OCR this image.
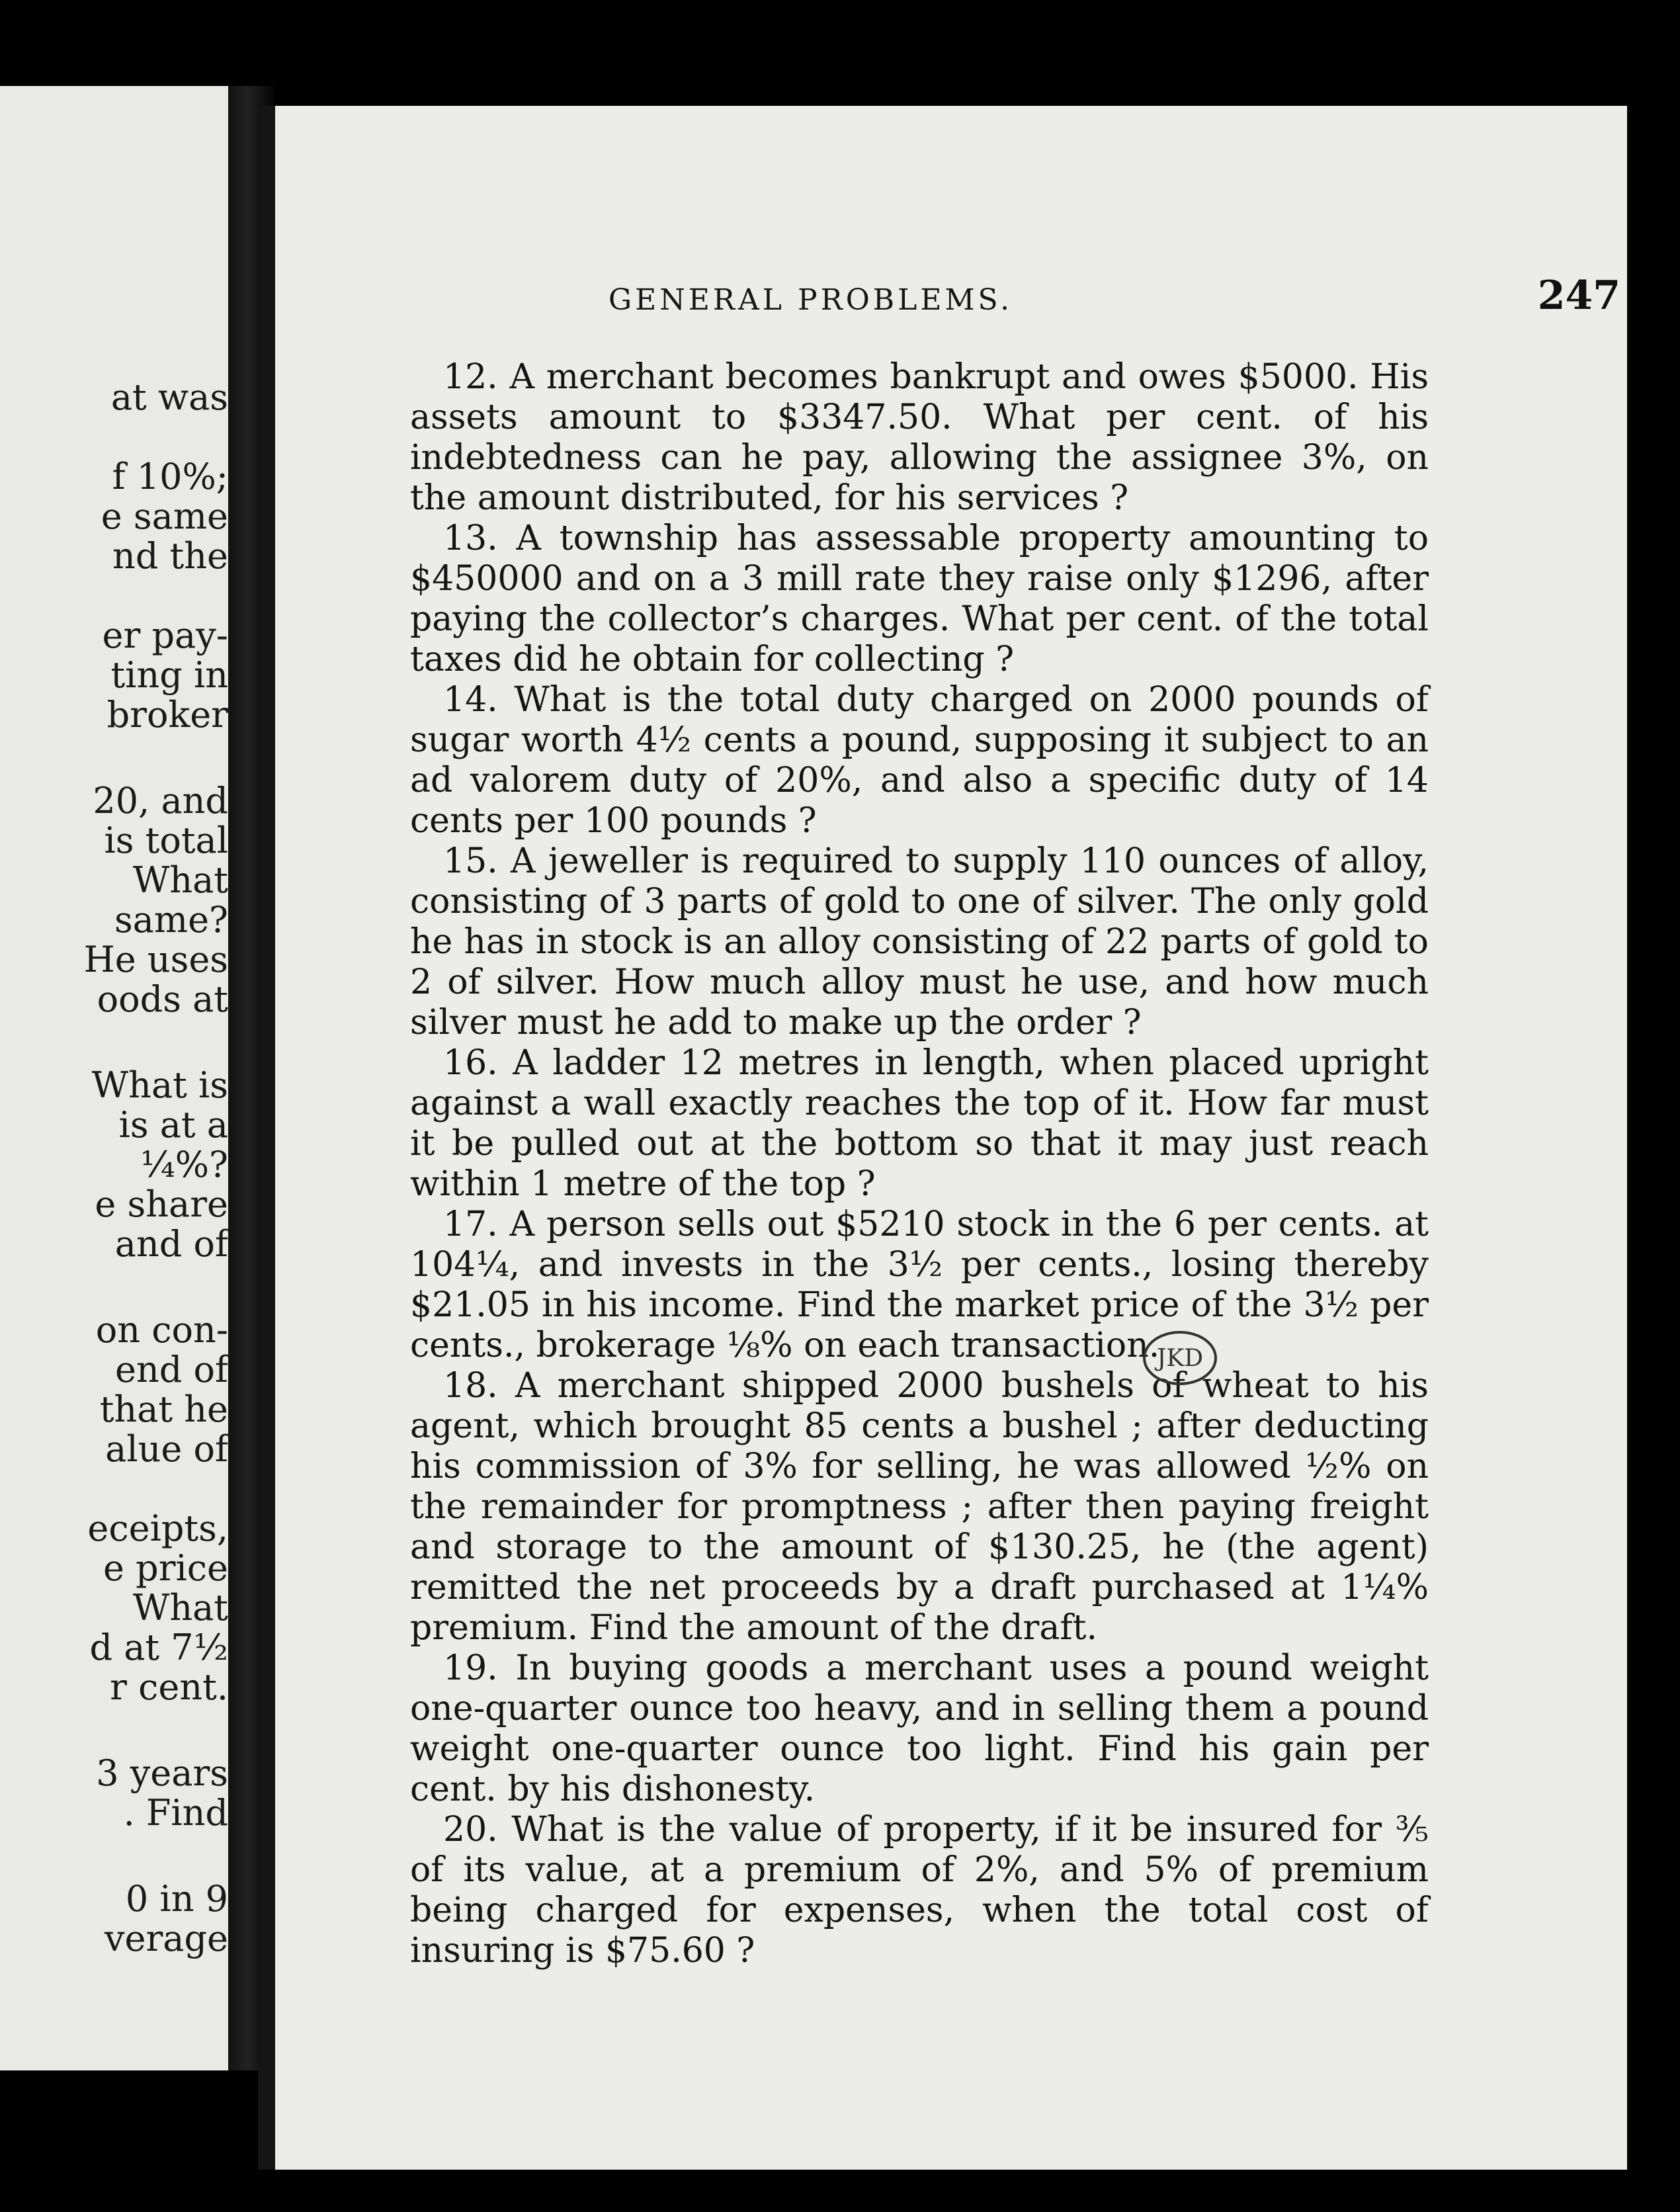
at was
f 10%;
e same
nd the
er pay-
ting in
broker
20, and
is total
What
same?
He uses
oods at
What is
is at a
¼%?
e share
and of
on con-
end of
that he
alue of
eceipts,
e price
What
d at 7½
r cent.
3 years
. Find
0 in 9
verage
GENERAL PROBLEMS.	247

12. A merchant becomes bankrupt and owes $5000. His assets amount to $3347.50. What per cent. of his indebtedness can he pay, allowing the assignee 3%, on the amount distributed, for his services ?

13. A township has assessable property amounting to $450000 and on a 3 mill rate they raise only $1296, after paying the collector’s charges. What per cent. of the total taxes did he obtain for collecting ?

14. What is the total duty charged on 2000 pounds of sugar worth 4½ cents a pound, supposing it subject to an ad valorem duty of 20%, and also a specific duty of 14 cents per 100 pounds ?

15. A jeweller is required to supply 110 ounces of alloy, consisting of 3 parts of gold to one of silver. The only gold he has in stock is an alloy consisting of 22 parts of gold to 2 of silver. How much alloy must he use, and how much silver must he add to make up the order ?

16. A ladder 12 metres in length, when placed upright against a wall exactly reaches the top of it. How far must it be pulled out at the bottom so that it may just reach within 1 metre of the top ?

17. A person sells out $5210 stock in the 6 per cents. at 104¼, and invests in the 3½ per cents., losing thereby $21.05 in his income. Find the market price of the 3½ per cents., brokerage ⅛% on each transaction.

18. A merchant shipped 2000 bushels of wheat to his agent, which brought 85 cents a bushel ; after deducting his commission of 3% for selling, he was allowed ½% on the remainder for promptness ; after then paying freight and storage to the amount of $130.25, he (the agent) remitted the net proceeds by a draft purchased at 1¼% premium. Find the amount of the draft.

19. In buying goods a merchant uses a pound weight one-quarter ounce too heavy, and in selling them a pound weight one-quarter ounce too light. Find his gain per cent. by his dishonesty.

20. What is the value of property, if it be insured for ⅗ of its value, at a premium of 2%, and 5% of premium being charged for expenses, when the total cost of insuring is $75.60 ?

JKD
